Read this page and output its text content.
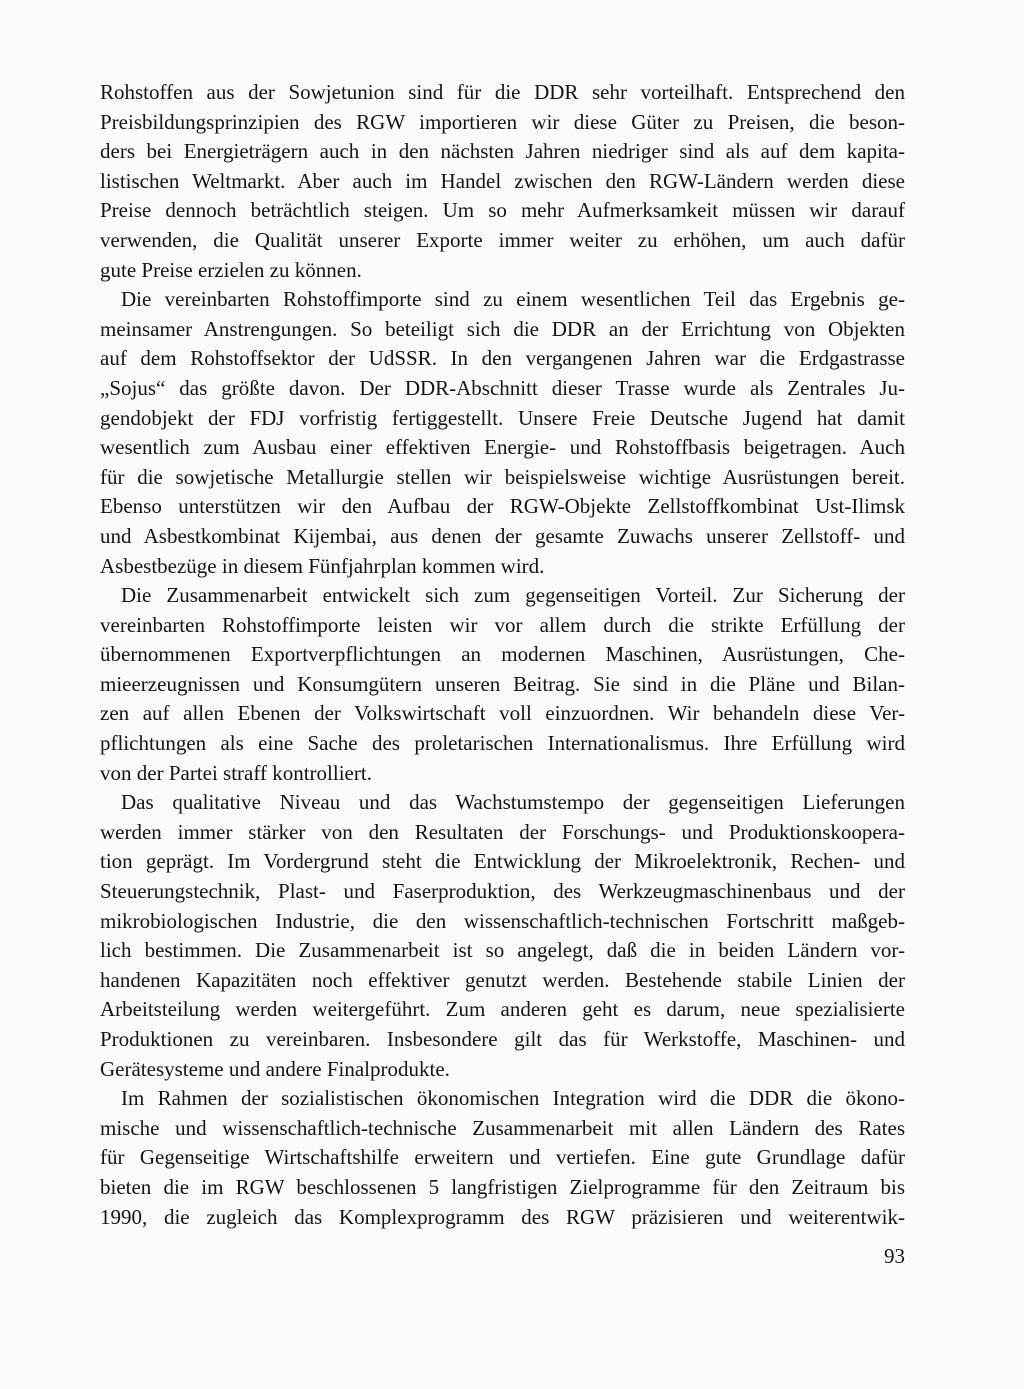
Rohstoffen aus der Sowjetunion sind für die DDR sehr vorteilhaft. Entsprechend den
Preisbildungsprinzipien des RGW importieren wir diese Güter zu Preisen, die beson-
ders bei Energieträgern auch in den nächsten Jahren niedriger sind als auf dem kapita-
listischen Weltmarkt. Aber auch im Handel zwischen den RGW-Ländern werden diese
Preise dennoch beträchtlich steigen. Um so mehr Aufmerksamkeit müssen wir darauf
verwenden, die Qualität unserer Exporte immer weiter zu erhöhen, um auch dafür
gute Preise erzielen zu können.
Die vereinbarten Rohstoffimporte sind zu einem wesentlichen Teil das Ergebnis ge-
meinsamer Anstrengungen. So beteiligt sich die DDR an der Errichtung von Objekten
auf dem Rohstoffsektor der UdSSR. In den vergangenen Jahren war die Erdgastrasse
„Sojus“ das größte davon. Der DDR-Abschnitt dieser Trasse wurde als Zentrales Ju-
gendobjekt der FDJ vorfristig fertiggestellt. Unsere Freie Deutsche Jugend hat damit
wesentlich zum Ausbau einer effektiven Energie- und Rohstoffbasis beigetragen. Auch
für die sowjetische Metallurgie stellen wir beispielsweise wichtige Ausrüstungen bereit.
Ebenso unterstützen wir den Aufbau der RGW-Objekte Zellstoffkombinat Ust-Ilimsk
und Asbestkombinat Kijembai, aus denen der gesamte Zuwachs unserer Zellstoff- und
Asbestbezüge in diesem Fünfjahrplan kommen wird.
Die Zusammenarbeit entwickelt sich zum gegenseitigen Vorteil. Zur Sicherung der
vereinbarten Rohstoffimporte leisten wir vor allem durch die strikte Erfüllung der
übernommenen Exportverpflichtungen an modernen Maschinen, Ausrüstungen, Che-
mieerzeugnissen und Konsumgütern unseren Beitrag. Sie sind in die Pläne und Bilan-
zen auf allen Ebenen der Volkswirtschaft voll einzuordnen. Wir behandeln diese Ver-
pflichtungen als eine Sache des proletarischen Internationalismus. Ihre Erfüllung wird
von der Partei straff kontrolliert.
Das qualitative Niveau und das Wachstumstempo der gegenseitigen Lieferungen
werden immer stärker von den Resultaten der Forschungs- und Produktionskoopera-
tion geprägt. Im Vordergrund steht die Entwicklung der Mikroelektronik, Rechen- und
Steuerungstechnik, Plast- und Faserproduktion, des Werkzeugmaschinenbaus und der
mikrobiologischen Industrie, die den wissenschaftlich-technischen Fortschritt maßgeb-
lich bestimmen. Die Zusammenarbeit ist so angelegt, daß die in beiden Ländern vor-
handenen Kapazitäten noch effektiver genutzt werden. Bestehende stabile Linien der
Arbeitsteilung werden weitergeführt. Zum anderen geht es darum, neue spezialisierte
Produktionen zu vereinbaren. Insbesondere gilt das für Werkstoffe, Maschinen- und
Gerätesysteme und andere Finalprodukte.
Im Rahmen der sozialistischen ökonomischen Integration wird die DDR die ökono-
mische und wissenschaftlich-technische Zusammenarbeit mit allen Ländern des Rates
für Gegenseitige Wirtschaftshilfe erweitern und vertiefen. Eine gute Grundlage dafür
bieten die im RGW beschlossenen 5 langfristigen Zielprogramme für den Zeitraum bis
1990, die zugleich das Komplexprogramm des RGW präzisieren und weiterentwik-
93
